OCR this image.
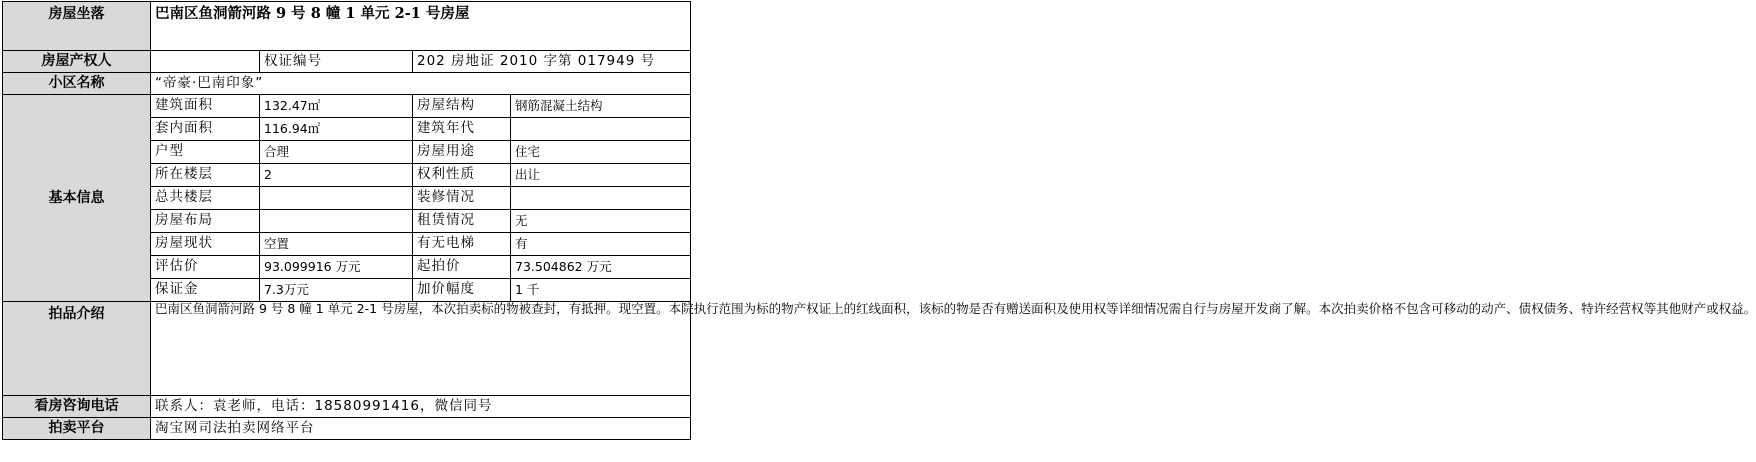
房屋坐落	巴南区鱼洞箭河路 9 号 8 幢 1 单元 2-1 号房屋			
房屋产权人		权证编号	202 房地证 2010 字第 017949 号	
小区名称	“帝豪·巴南印象”			
基本信息	建筑面积	132.47㎡	房屋结构	钢筋混凝土结构
	套内面积	116.94㎡	建筑年代	
	户型	合理	房屋用途	住宅
	所在楼层	2	权利性质	出让
	总共楼层		装修情况	
	房屋布局		租赁情况	无
	房屋现状	空置	有无电梯	有
	评估价	93.099916 万元	起拍价	73.504862 万元
	保证金	7.3万元	加价幅度	1 千
拍品介绍	巴南区鱼洞箭河路 9 号 8 幢 1 单元 2-1 号房屋，本次拍卖标的物被查封，有抵押。现空置。本院执行范围为标的物产权证上的红线面积，该标的物是否有赠送面积及使用权等详细情况需自行与房屋开发商了解。本次拍卖价格不包含可移动的动产、债权债务、特许经营权等其他财产或权益。			
看房咨询电话	联系人：袁老师，电话：18580991416，微信同号			
拍卖平台	淘宝网司法拍卖网络平台			
